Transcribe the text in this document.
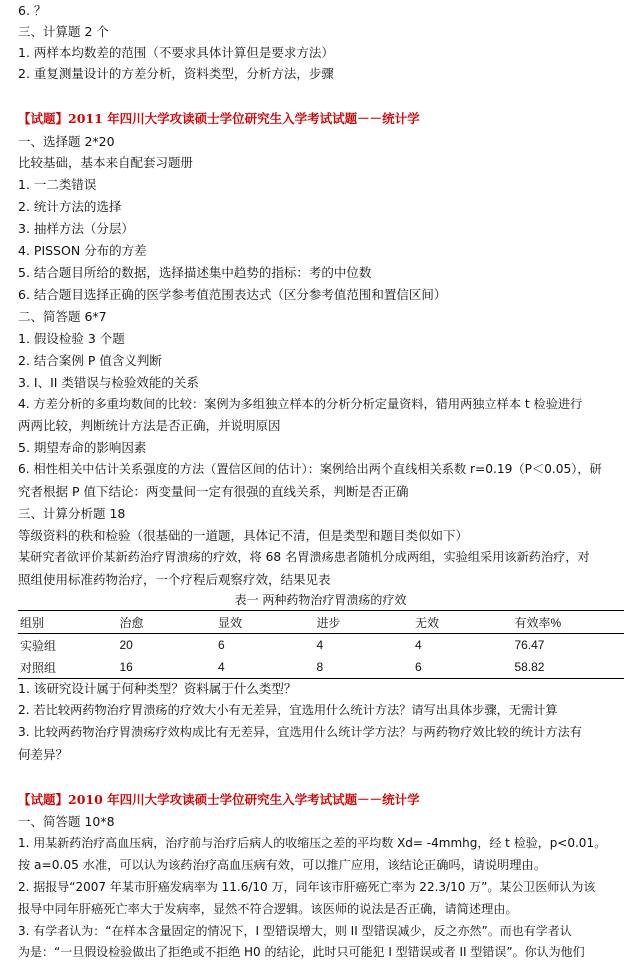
6. ？
三、计算题 2 个
1. 两样本均数差的范围（不要求具体计算但是要求方法）
2. 重复测量设计的方差分析，资料类型，分析方法，步骤
【试题】2011 年四川大学攻读硕士学位研究生入学考试试题－－统计学
一、选择题 2*20
比较基础，基本来自配套习题册
1. 一二类错误
2. 统计方法的选择
3. 抽样方法（分层）
4. PISSON 分布的方差
5. 结合题目所给的数据，选择描述集中趋势的指标：考的中位数
6. 结合题目选择正确的医学参考值范围表达式（区分参考值范围和置信区间）
二、简答题 6*7
1. 假设检验 3 个题
2. 结合案例 P 值含义判断
3. I、II 类错误与检验效能的关系
4. 方差分析的多重均数间的比较：案例为多组独立样本的分析分析定量资料，错用两独立样本 t 检验进行
两两比较，判断统计方法是否正确，并说明原因
5. 期望寿命的影响因素
6. 相性相关中估计关系强度的方法（置信区间的估计）：案例给出两个直线相关系数 r=0.19（P＜0.05），研
究者根据 P 值下结论：两变量间一定有很强的直线关系，判断是否正确
三、计算分析题 18
等级资料的秩和检验（很基础的一道题，具体记不清，但是类型和题目类似如下）
某研究者欲评价某新药治疗胃溃疡的疗效，将 68 名胃溃疡患者随机分成两组，实验组采用该新药治疗，对
照组使用标准药物治疗，一个疗程后观察疗效，结果见表
表一 两种药物治疗胃溃疡的疗效
组别	治愈	显效	进步	无效	有效率%
实验组	20	6	4	4	76.47
对照组	16	4	8	6	58.82
1. 该研究设计属于何种类型？资料属于什么类型？
2. 若比较两药物治疗胃溃疡的疗效大小有无差异，宜选用什么统计方法？请写出具体步骤，无需计算
3. 比较两药物治疗胃溃疡疗效构成比有无差异，宜选用什么统计学方法？与两药物疗效比较的统计方法有
何差异？
【试题】2010 年四川大学攻读硕士学位研究生入学考试试题－－统计学
一、简答题 10*8
1. 用某新药治疗高血压病，治疗前与治疗后病人的收缩压之差的平均数 Xd= -4mmhg，经 t 检验，p<0.01。
按 a=0.05 水准，可以认为该药治疗高血压病有效，可以推广应用，该结论正确吗，请说明理由。
2. 据报导“2007 年某市肝癌发病率为 11.6/10 万，同年该市肝癌死亡率为 22.3/10 万”。某公卫医师认为该
报导中同年肝癌死亡率大于发病率，显然不符合逻辑。该医师的说法是否正确，请简述理由。
3. 有学者认为：“在样本含量固定的情况下，I 型错误增大，则 II 型错误减少，反之亦然”。而也有学者认
为是：“一旦假设检验做出了拒绝或不拒绝 H0 的结论，此时只可能犯 I 型错误或者 II 型错误”。你认为他们
